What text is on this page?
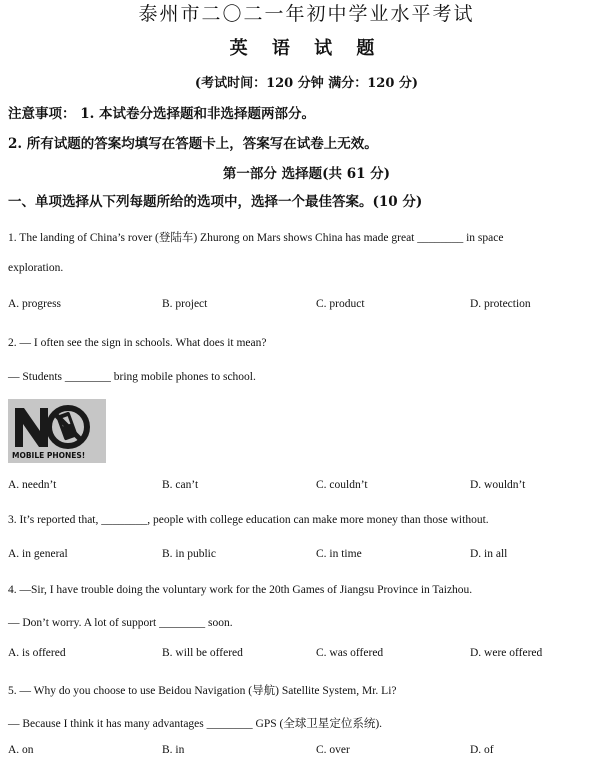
泰州市二〇二一年初中学业水平考试
英 语 试 题
(考试时间：120 分钟 满分：120 分)
注意事项： 1. 本试卷分选择题和非选择题两部分。
2. 所有试题的答案均填写在答题卡上，答案写在试卷上无效。
第一部分 选择题(共 61 分)
一、单项选择从下列每题所给的选项中，选择一个最佳答案。(10 分)
1. The landing of China’s rover (登陆车) Zhurong on Mars shows China has made great ________ in space
exploration.
A. progress	B. project	C. product	D. protection
2. — I often see the sign in schools. What does it mean?
— Students ________ bring mobile phones to school.
MOBILE PHONES!
A. needn’t	B. can’t	C. couldn’t	D. wouldn’t
3. It’s reported that, ________, people with college education can make more money than those without.
A. in general	B. in public	C. in time	D. in all
4. —Sir, I have trouble doing the voluntary work for the 20th Games of Jiangsu Province in Taizhou.
— Don’t worry. A lot of support ________ soon.
A. is offered	B. will be offered	C. was offered	D. were offered
5. — Why do you choose to use Beidou Navigation (导航) Satellite System, Mr. Li?
— Because I think it has many advantages ________ GPS (全球卫星定位系统).
A. on	B. in	C. over	D. of
